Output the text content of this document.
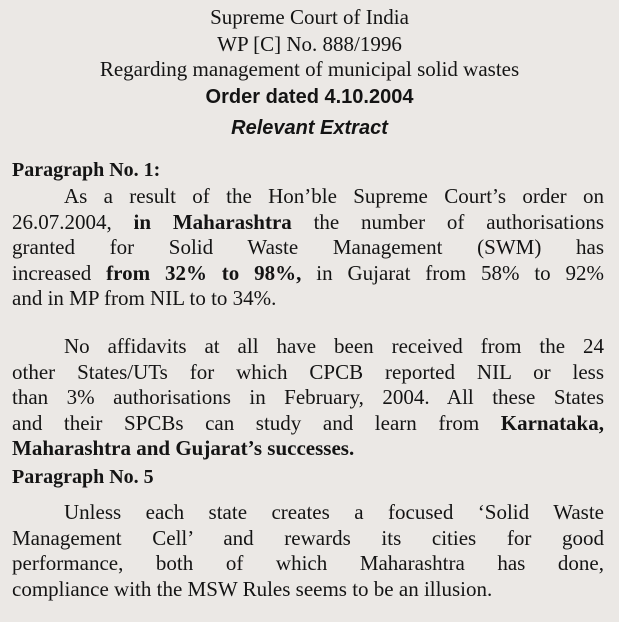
Supreme Court of India
WP [C] No. 888/1996
Regarding management of municipal solid wastes
Order dated 4.10.2004
Relevant Extract
Paragraph No. 1:
As a result of the Hon’ble Supreme Court’s order on
26.07.2004, in Maharashtra the number of authorisations
granted for Solid Waste Management (SWM) has
increased from 32% to 98%, in Gujarat from 58% to 92%
and in MP from NIL to to 34%.
No affidavits at all have been received from the 24
other States/UTs for which CPCB reported NIL or less
than 3% authorisations in February, 2004. All these States
and their SPCBs can study and learn from Karnataka,
Maharashtra and Gujarat’s successes.
Paragraph No. 5
Unless each state creates a focused ‘Solid Waste
Management Cell’ and rewards its cities for good
performance, both of which Maharashtra has done,
compliance with the MSW Rules seems to be an illusion.
